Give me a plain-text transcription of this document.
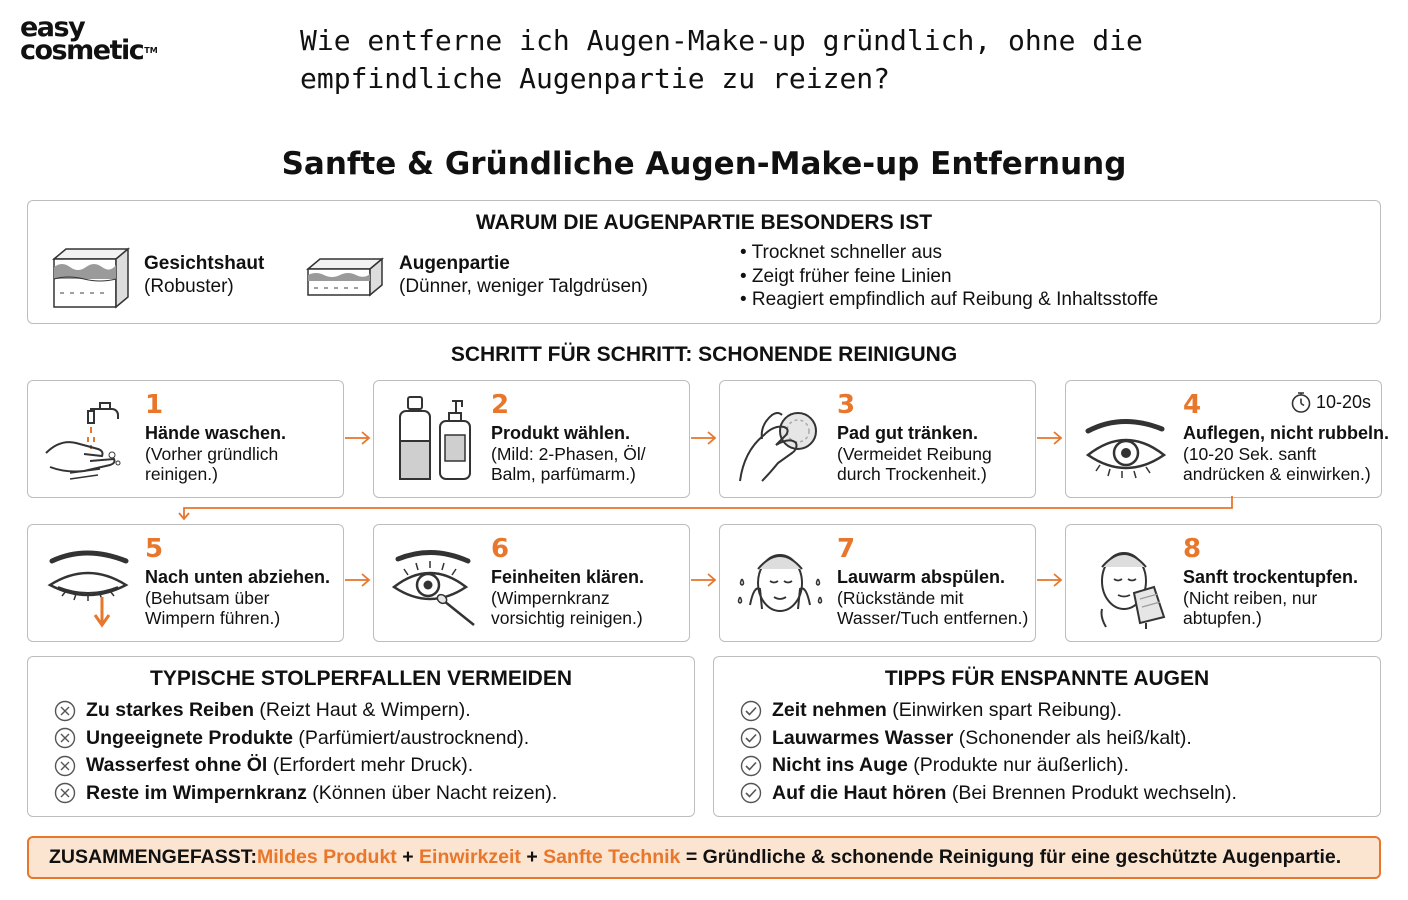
easy
cosmetic™	Wie entferne ich Augen-Make-up gründlich, ohne die empfindliche Augenpartie zu reizen?
Sanfte & Gründliche Augen-Make-up Entfernung
WARUM DIE AUGENPARTIE BESONDERS IST
Gesichtshaut
(Robuster)
Augenpartie
(Dünner, weniger Talgdrüsen)
• Trocknet schneller aus
• Zeigt früher feine Linien
• Reagiert empfindlich auf Reibung & Inhaltsstoffe
SCHRITT FÜR SCHRITT: SCHONENDE REINIGUNG
1
Hände waschen.
(Vorher gründlich
reinigen.)
2
Produkt wählen.
(Mild: 2-Phasen, Öl/
Balm, parfümarm.)
3
Pad gut tränken.
(Vermeidet Reibung
durch Trockenheit.)
10-20s
4
Auflegen, nicht rubbeln.
(10-20 Sek. sanft
andrücken & einwirken.)
5
Nach unten abziehen.
(Behutsam über
Wimpern führen.)
6
Feinheiten klären.
(Wimpernkranz
vorsichtig reinigen.)
7
Lauwarm abspülen.
(Rückstände mit
Wasser/Tuch entfernen.)
8
Sanft trockentupfen.
(Nicht reiben, nur
abtupfen.)
TYPISCHE STOLPERFALLEN VERMEIDEN
Zu starkes Reiben (Reizt Haut & Wimpern).
Ungeeignete Produkte (Parfümiert/austrocknend).
Wasserfest ohne Öl (Erfordert mehr Druck).
Reste im Wimpernkranz (Können über Nacht reizen).
TIPPS FÜR ENSPANNTE AUGEN
Zeit nehmen (Einwirken spart Reibung).
Lauwarmes Wasser (Schonender als heiß/kalt).
Nicht ins Auge (Produkte nur äußerlich).
Auf die Haut hören (Bei Brennen Produkt wechseln).
ZUSAMMENGEFASST: Mildes Produkt + Einwirkzeit + Sanfte Technik = Gründliche & schonende Reinigung für eine geschützte Augenpartie.
